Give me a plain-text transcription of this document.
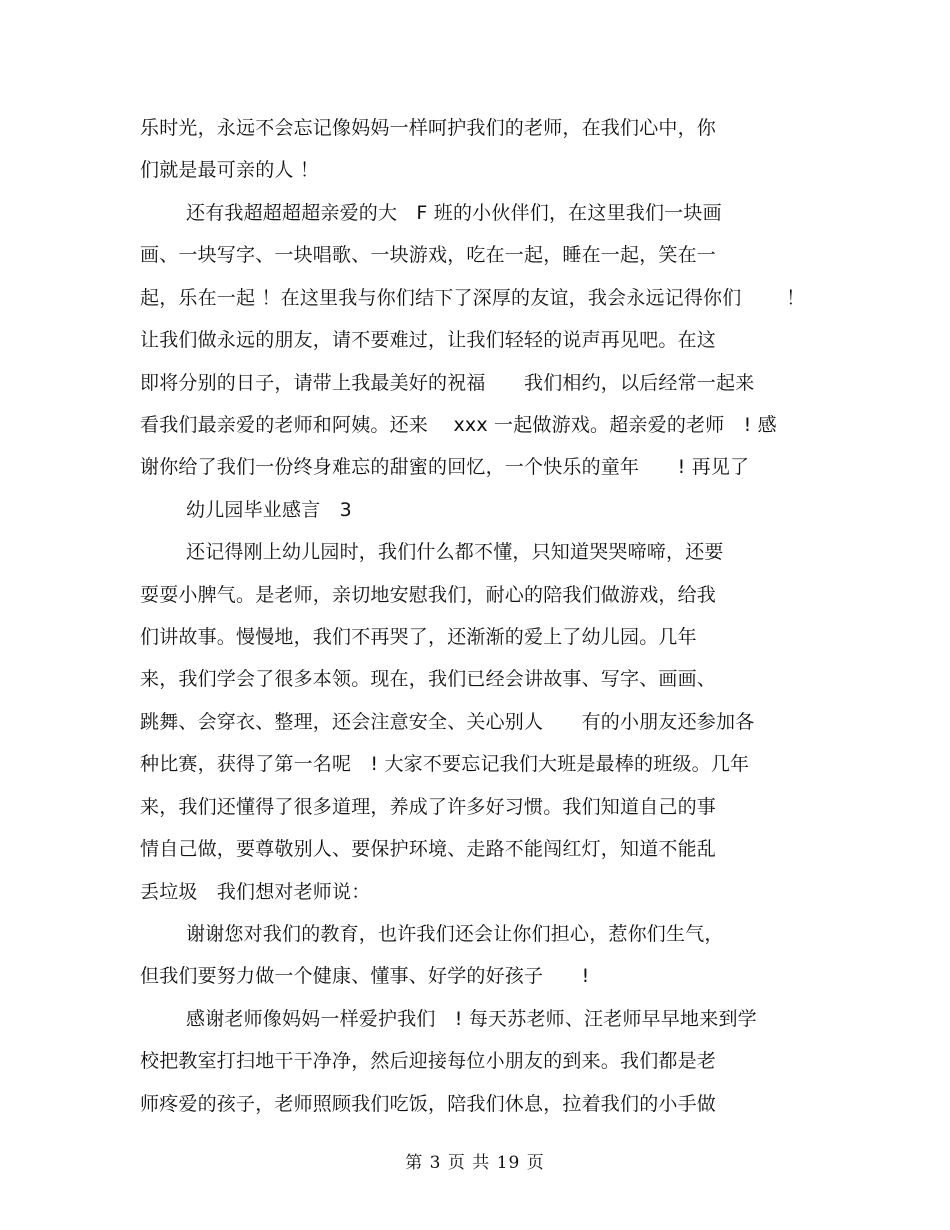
乐时光，永远不会忘记像妈妈一样呵护我们的老师，在我们心中，你
们就是最可亲的人 ！
还有我超超超超亲爱的大　F 班的小伙伴们，在这里我们一块画
画、一块写字、一块唱歌、一块游戏，吃在一起，睡在一起，笑在一
起，乐在一起 ！在这里我与你们结下了深厚的友谊，我会永远记得你们　　 ！
让我们做永远的朋友，请不要难过，让我们轻轻的说声再见吧。在这
即将分别的日子，请带上我最美好的祝福　　我们相约，以后经常一起来
看我们最亲爱的老师和阿姨。还来　 xxx 一起做游戏。超亲爱的老师　! 感
谢你给了我们一份终身难忘的甜蜜的回忆，一个快乐的童年　　! 再见了
幼儿园毕业感言　3
还记得刚上幼儿园时，我们什么都不懂，只知道哭哭啼啼，还要
耍耍小脾气。是老师，亲切地安慰我们，耐心的陪我们做游戏，给我
们讲故事。慢慢地，我们不再哭了，还渐渐的爱上了幼儿园。几年
来，我们学会了很多本领。现在，我们已经会讲故事、写字、画画、
跳舞、会穿衣、整理，还会注意安全、关心别人　　有的小朋友还参加各
种比赛，获得了第一名呢　! 大家不要忘记我们大班是最棒的班级。几年
来，我们还懂得了很多道理，养成了许多好习惯。我们知道自己的事
情自己做，要尊敬别人、要保护环境、走路不能闯红灯，知道不能乱
丢垃圾　我们想对老师说：
谢谢您对我们的教育，也许我们还会让你们担心，惹你们生气，
但我们要努力做一个健康、懂事、好学的好孩子　　!
感谢老师像妈妈一样爱护我们　! 每天苏老师、汪老师早早地来到学
校把教室打扫地干干净净，然后迎接每位小朋友的到来。我们都是老
师疼爱的孩子，老师照顾我们吃饭，陪我们休息，拉着我们的小手做
第 3 页 共 19 页
